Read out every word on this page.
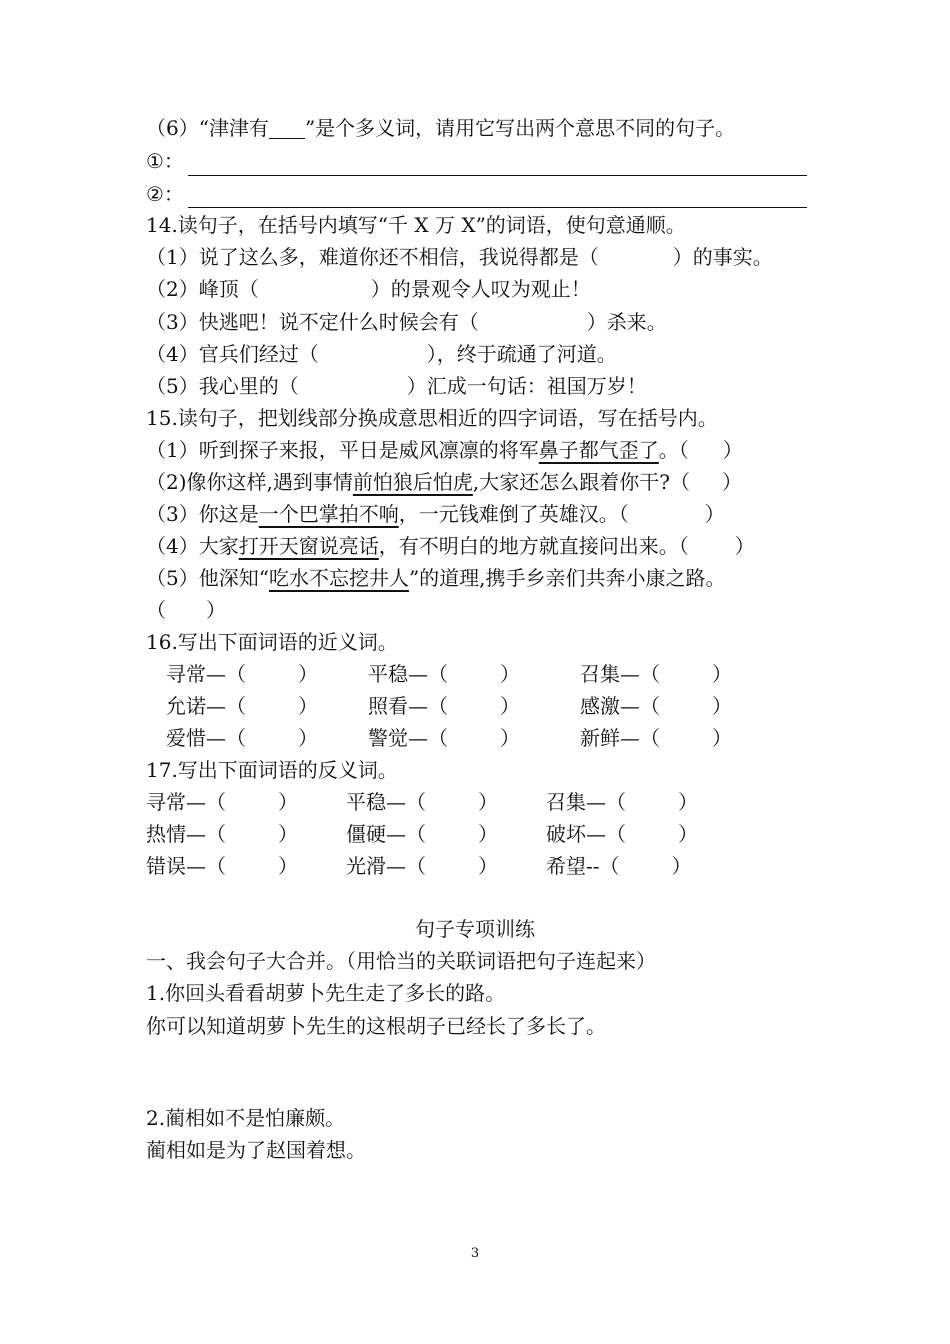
（6）“津津有 ”是个多义词，请用它写出两个意思不同的句子。
①：
②：
14.读句子，在括号内填写“千 X 万 X”的词语，使句意通顺。
（1）说了这么多，难道你还不相信，我说得都是（	）的事实。
（2）峰顶（	）的景观令人叹为观止！
（3）快逃吧！说不定什么时候会有（	）杀来。
（4）官兵们经过（	），终于疏通了河道。
（5）我心里的（	）汇成一句话：祖国万岁！
15.读句子，把划线部分换成意思相近的四字词语，写在括号内。
（1）听到探子来报，平日是威风凛凛的将军鼻子都气歪了。（ ）
（2)像你这样,遇到事情前怕狼后怕虎,大家还怎么跟着你干?（ ）
（3）你这是一个巴掌拍不响，一元钱难倒了英雄汉。（	）
（4）大家打开天窗说亮话，有不明白的地方就直接问出来。（ ）
（5）他深知“吃水不忘挖井人”的道理,携手乡亲们共奔小康之路。
（ ）
16.写出下面词语的近义词。
寻常—（	）	平稳—（	）	召集—（	）
允诺—（	）	照看—（	）	感激—（	）
爱惜—（	）	警觉—（	）	新鲜—（	）
17.写出下面词语的反义词。
寻常—（	） 平稳—（	） 召集—（	）
热情—（	） 僵硬—（	） 破坏—（	）
错误—（	） 光滑—（	） 希望--（	）
句子专项训练
一、我会句子大合并。（用恰当的关联词语把句子连起来）
1.你回头看看胡萝卜先生走了多长的路。
你可以知道胡萝卜先生的这根胡子已经长了多长了。
2.蔺相如不是怕廉颇。
蔺相如是为了赵国着想。
3
